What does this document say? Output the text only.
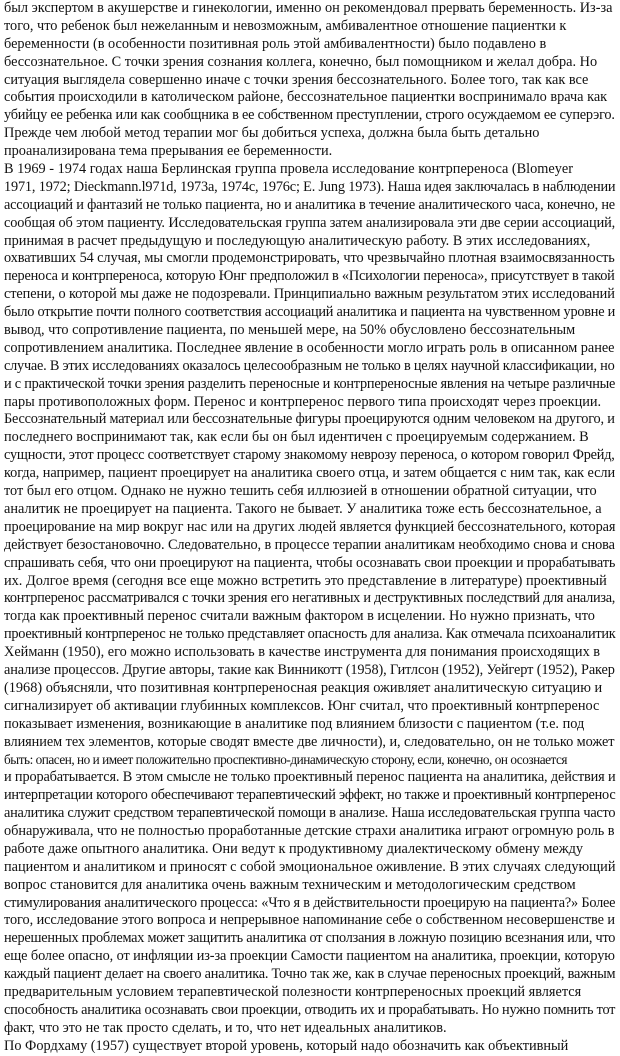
был экспертом в акушерстве и гинекологии, именно он рекомендовал прервать беременность. Из-за
того, что ребенок был нежеланным и невозможным, амбивалентное отношение пациентки к
беременности (в особенности позитивная роль этой амбивалентности) было подавлено в
бессознательное. С точки зрения сознания коллега, конечно, был помощником и желал добра. Но
ситуация выглядела совершенно иначе с точки зрения бессознательного. Более того, так как все
события происходили в католическом районе, бессознательное пациентки воспринимало врача как
убийцу ее ребенка или как сообщника в ее собственном преступлении, строго осуждаемом ее суперэго.
Прежде чем любой метод терапии мог бы добиться успеха, должна была быть детально
проанализирована тема прерывания ее беременности.
В 1969 - 1974 годах наша Берлинская группа провела исследование контрпереноса (Blomeyer
1971, 1972; Dieckmann.l971d, 1973a, 1974c, 1976c; E. Jung 1973). Наша идея заключалась в наблюдении
ассоциаций и фантазий не только пациента, но и аналитика в течение аналитического часа, конечно, не
сообщая об этом пациенту. Исследовательская группа затем анализировала эти две серии ассоциаций,
принимая в расчет предыдущую и последующую аналитическую работу. В этих исследованиях,
охвативших 54 случая, мы смогли продемонстрировать, что чрезвычайно плотная взаимосвязанность
переноса и контрпереноса, которую Юнг предположил в «Психологии переноса», присутствует в такой
степени, о которой мы даже не подозревали. Принципиально важным результатом этих исследований
было открытие почти полного соответствия ассоциаций аналитика и пациента на чувственном уровне и
вывод, что сопротивление пациента, по меньшей мере, на 50% обусловлено бессознательным
сопротивлением аналитика. Последнее явление в особенности могло играть роль в описанном ранее
случае. В этих исследованиях оказалось целесообразным не только в целях научной классификации, но
и с практической точки зрения разделить переносные и контрпереносные явления на четыре различные
пары противоположных форм. Перенос и контрперенос первого типа происходят через проекции.
Бессознательный материал или бессознательные фигуры проецируются одним человеком на другого, и
последнего воспринимают так, как если бы он был идентичен с проецируемым содержанием. В
сущности, этот процесс соответствует старому знакомому неврозу переноса, о котором говорил Фрейд,
когда, например, пациент проецирует на аналитика своего отца, и затем общается с ним так, как если
тот был его отцом. Однако не нужно тешить себя иллюзией в отношении обратной ситуации, что
аналитик не проецирует на пациента. Такого не бывает. У аналитика тоже есть бессознательное, а
проецирование на мир вокруг нас или на других людей является функцией бессознательного, которая
действует безостановочно. Следовательно, в процессе терапии аналитикам необходимо снова и снова
спрашивать себя, что они проецируют на пациента, чтобы осознавать свои проекции и прорабатывать
их. Долгое время (сегодня все еще можно встретить это представление в литературе) проективный
контрперенос рассматривался с точки зрения его негативных и деструктивных последствий для анализа,
тогда как проективный перенос считали важным фактором в исцелении. Но нужно признать, что
проективный контрперенос не только представляет опасность для анализа. Как отмечала психоаналитик
Хейманн (1950), его можно использовать в качестве инструмента для понимания происходящих в
анализе процессов. Другие авторы, такие как Винникотт (1958), Гитлсон (1952), Уейгерт (1952), Ракер
(1968) объясняли, что позитивная контрпереносная реакция оживляет аналитическую ситуацию и
сигнализирует об активации глубинных комплексов. Юнг считал, что проективный контрперенос
показывает изменения, возникающие в аналитике под влиянием близости с пациентом (т.е. под
влиянием тех элементов, которые сводят вместе две личности), и, следовательно, он не только может
быть: опасен, но и имеет положительно проспективно-динамическую сторону, если, конечно, он осознается
и прорабатывается. В этом смысле не только проективный перенос пациента на аналитика, действия и
интерпретации которого обеспечивают терапевтический эффект, но также и проективный контрперенос
аналитика служит средством терапевтической помощи в анализе. Наша исследовательская группа часто
обнаруживала, что не полностью проработанные детские страхи аналитика играют огромную роль в
работе даже опытного аналитика. Они ведут к продуктивному диалектическому обмену между
пациентом и аналитиком и приносят с собой эмоциональное оживление. В этих случаях следующий
вопрос становится для аналитика очень важным техническим и методологическим средством
стимулирования аналитического процесса: «Что я в действительности проецирую на пациента?» Более
того, исследование этого вопроса и непрерывное напоминание себе о собственном несовершенстве и
нерешенных проблемах может защитить аналитика от сползания в ложную позицию всезнания или, что
еще более опасно, от инфляции из-за проекции Самости пациентом на аналитика, проекции, которую
каждый пациент делает на своего аналитика. Точно так же, как в случае переносных проекций, важным
предварительным условием терапевтической полезности контрпереносных проекций является
способность аналитика осознавать свои проекции, отводить их и прорабатывать. Но нужно помнить тот
факт, что это не так просто сделать, и то, что нет идеальных аналитиков.
По Фордхаму (1957) существует второй уровень, который надо обозначить как объективный
